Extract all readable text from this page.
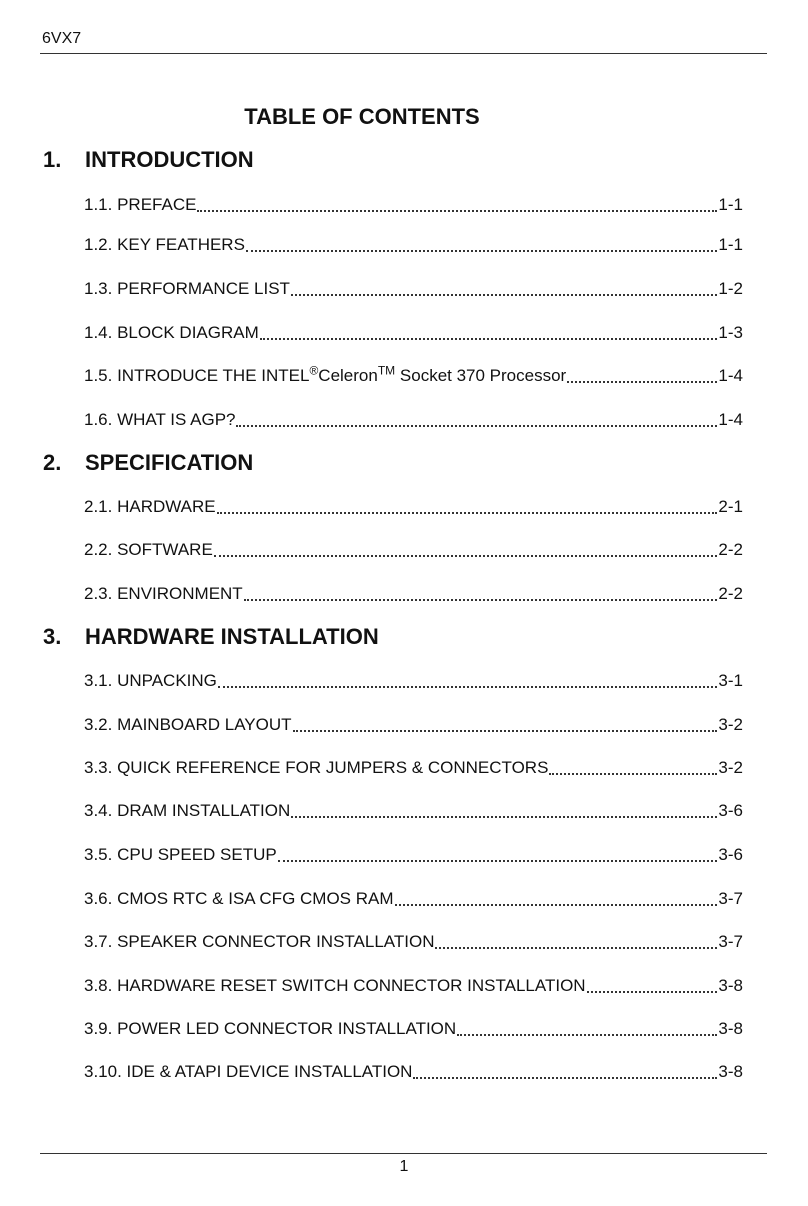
6VX7
TABLE OF CONTENTS
1.	INTRODUCTION
1.1. PREFACE	1-1
1.2. KEY FEATHERS	1-1
1.3. PERFORMANCE LIST	1-2
1.4. BLOCK DIAGRAM	1-3
1.5. INTRODUCE THE INTEL®Celeron™ Socket 370 Processor	1-4
1.6. WHAT IS AGP?	1-4
2.	SPECIFICATION
2.1. HARDWARE	2-1
2.2. SOFTWARE	2-2
2.3. ENVIRONMENT	2-2
3.	HARDWARE INSTALLATION
3.1. UNPACKING	3-1
3.2. MAINBOARD LAYOUT	3-2
3.3. QUICK REFERENCE FOR JUMPERS & CONNECTORS	3-2
3.4. DRAM INSTALLATION	3-6
3.5. CPU SPEED SETUP	3-6
3.6. CMOS RTC & ISA CFG CMOS RAM	3-7
3.7. SPEAKER CONNECTOR INSTALLATION	3-7
3.8. HARDWARE RESET SWITCH CONNECTOR INSTALLATION	3-8
3.9. POWER LED CONNECTOR INSTALLATION	3-8
3.10. IDE & ATAPI DEVICE INSTALLATION	3-8
1
